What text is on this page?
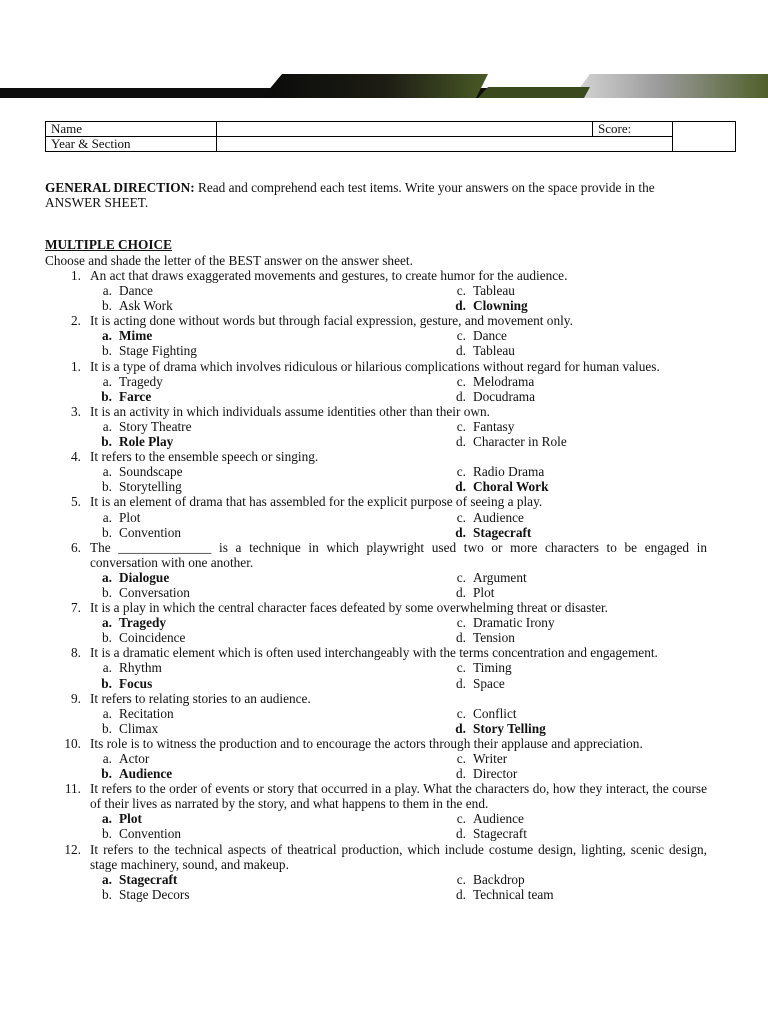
Name		Score:	
Year & Section			
GENERAL DIRECTION: Read and comprehend each test items. Write your answers on the space provide in the ANSWER SHEET.
MULTIPLE CHOICE
Choose and shade the letter of the BEST answer on the answer sheet.
1. An act that draws exaggerated movements and gestures, to create humor for the audience.
a. Dance	c. Tableau
b. Ask Work	d. Clowning
2. It is acting done without words but through facial expression, gesture, and movement only.
a. Mime	c. Dance
b. Stage Fighting	d. Tableau
1. It is a type of drama which involves ridiculous or hilarious complications without regard for human values.
a. Tragedy	c. Melodrama
b. Farce	d. Docudrama
3. It is an activity in which individuals assume identities other than their own.
a. Story Theatre	c. Fantasy
b. Role Play	d. Character in Role
4. It refers to the ensemble speech or singing.
a. Soundscape	c. Radio Drama
b. Storytelling	d. Choral Work
5. It is an element of drama that has assembled for the explicit purpose of seeing a play.
a. Plot	c. Audience
b. Convention	d. Stagecraft
6. The ______________ is a technique in which playwright used two or more characters to be engaged in conversation with one another.
a. Dialogue	c. Argument
b. Conversation	d. Plot
7. It is a play in which the central character faces defeated by some overwhelming threat or disaster.
a. Tragedy	c. Dramatic Irony
b. Coincidence	d. Tension
8. It is a dramatic element which is often used interchangeably with the terms concentration and engagement.
a. Rhythm	c. Timing
b. Focus	d. Space
9. It refers to relating stories to an audience.
a. Recitation	c. Conflict
b. Climax	d. Story Telling
10. Its role is to witness the production and to encourage the actors through their applause and appreciation.
a. Actor	c. Writer
b. Audience	d. Director
11. It refers to the order of events or story that occurred in a play. What the characters do, how they interact, the course of their lives as narrated by the story, and what happens to them in the end.
a. Plot	c. Audience
b. Convention	d. Stagecraft
12. It refers to the technical aspects of theatrical production, which include costume design, lighting, scenic design, stage machinery, sound, and makeup.
a. Stagecraft	c. Backdrop
b. Stage Decors	d. Technical team
